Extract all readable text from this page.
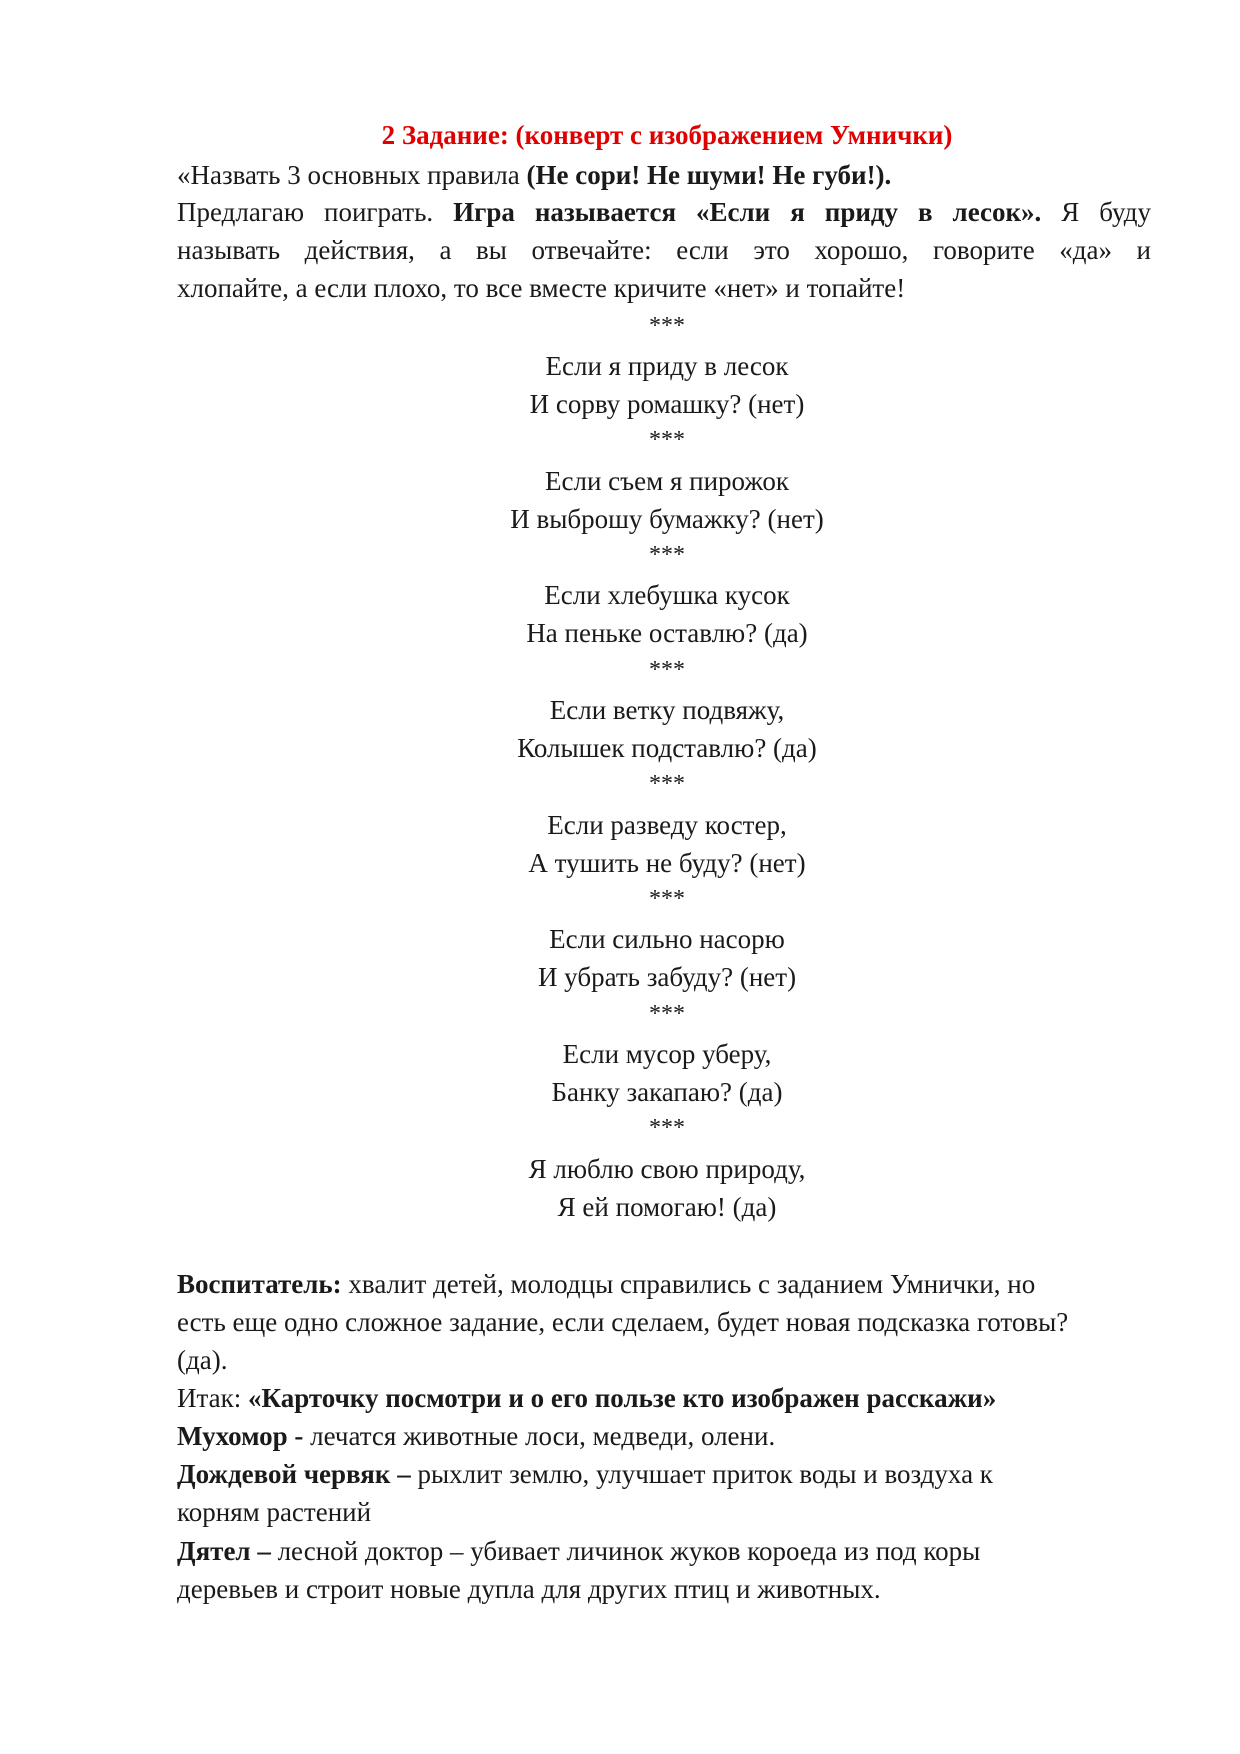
2 Задание: (конверт с изображением Умнички)
«Назвать 3 основных правила (Не сори! Не шуми! Не губи!).
Предлагаю поиграть. Игра называется «Если я приду в лесок». Я буду
называть действия, а вы отвечайте: если это хорошо, говорите «да» и
хлопайте, а если плохо, то все вместе кричите «нет» и топайте!
***
Если я приду в лесок
И сорву ромашку? (нет)
***
Если съем я пирожок
И выброшу бумажку? (нет)
***
Если хлебушка кусок
На пеньке оставлю? (да)
***
Если ветку подвяжу,
Колышек подставлю? (да)
***
Если разведу костер,
А тушить не буду? (нет)
***
Если сильно насорю
И убрать забуду? (нет)
***
Если мусор уберу,
Банку закапаю? (да)
***
Я люблю свою природу,
Я ей помогаю! (да)
Воспитатель: хвалит детей, молодцы справились с заданием Умнички, но
есть еще одно сложное задание, если сделаем, будет новая подсказка готовы?
(да).
Итак: «Карточку посмотри и о его пользе кто изображен расскажи»
Мухомор - лечатся животные лоси, медведи, олени.
Дождевой червяк – рыхлит землю, улучшает приток воды и воздуха к
корням растений
Дятел – лесной доктор – убивает личинок жуков короеда из под коры
деревьев и строит новые дупла для других птиц и животных.
